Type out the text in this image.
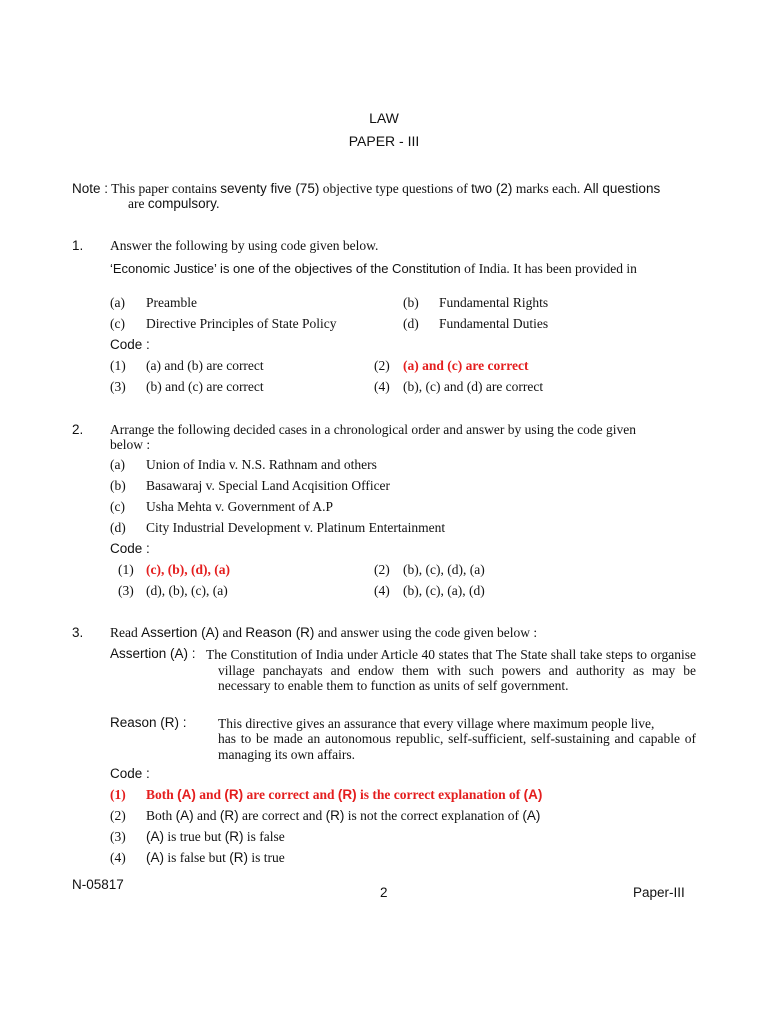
LAW
PAPER - III
Note : This paper contains seventy five (75) objective type questions of two (2) marks each. All questions
are compulsory.
1. Answer the following by using code given below.
‘Economic Justice’ is one of the objectives of the Constitution of India. It has been provided in
(a) Preamble	(b) Fundamental Rights
(c) Directive Principles of State Policy	(d) Fundamental Duties
Code :
(1) (a) and (b) are correct	(2) (a) and (c) are correct
(3) (b) and (c) are correct	(4) (b), (c) and (d) are correct
2. Arrange the following decided cases in a chronological order and answer by using the code given
below :
(a) Union of India v. N.S. Rathnam and others
(b) Basawaraj v. Special Land Acqisition Officer
(c) Usha Mehta v. Government of A.P
(d) City Industrial Development v. Platinum Entertainment
Code :
(1) (c), (b), (d), (a)	(2) (b), (c), (d), (a)
(3) (d), (b), (c), (a)	(4) (b), (c), (a), (d)
3. Read Assertion (A) and Reason (R) and answer using the code given below :
Assertion (A) : The Constitution of India under Article 40 states that The State shall take steps to organise village panchayats and endow them with such powers and authority as may be necessary to enable them to function as units of self government.
Reason (R) : This directive gives an assurance that every village where maximum people live,
has to be made an autonomous republic, self-sufficient, self-sustaining and capable of managing its own affairs.
Code :
(1) Both (A) and (R) are correct and (R) is the correct explanation of (A)
(2) Both (A) and (R) are correct and (R) is not the correct explanation of (A)
(3) (A) is true but (R) is false
(4) (A) is false but (R) is true
N-05817
2	Paper-III
